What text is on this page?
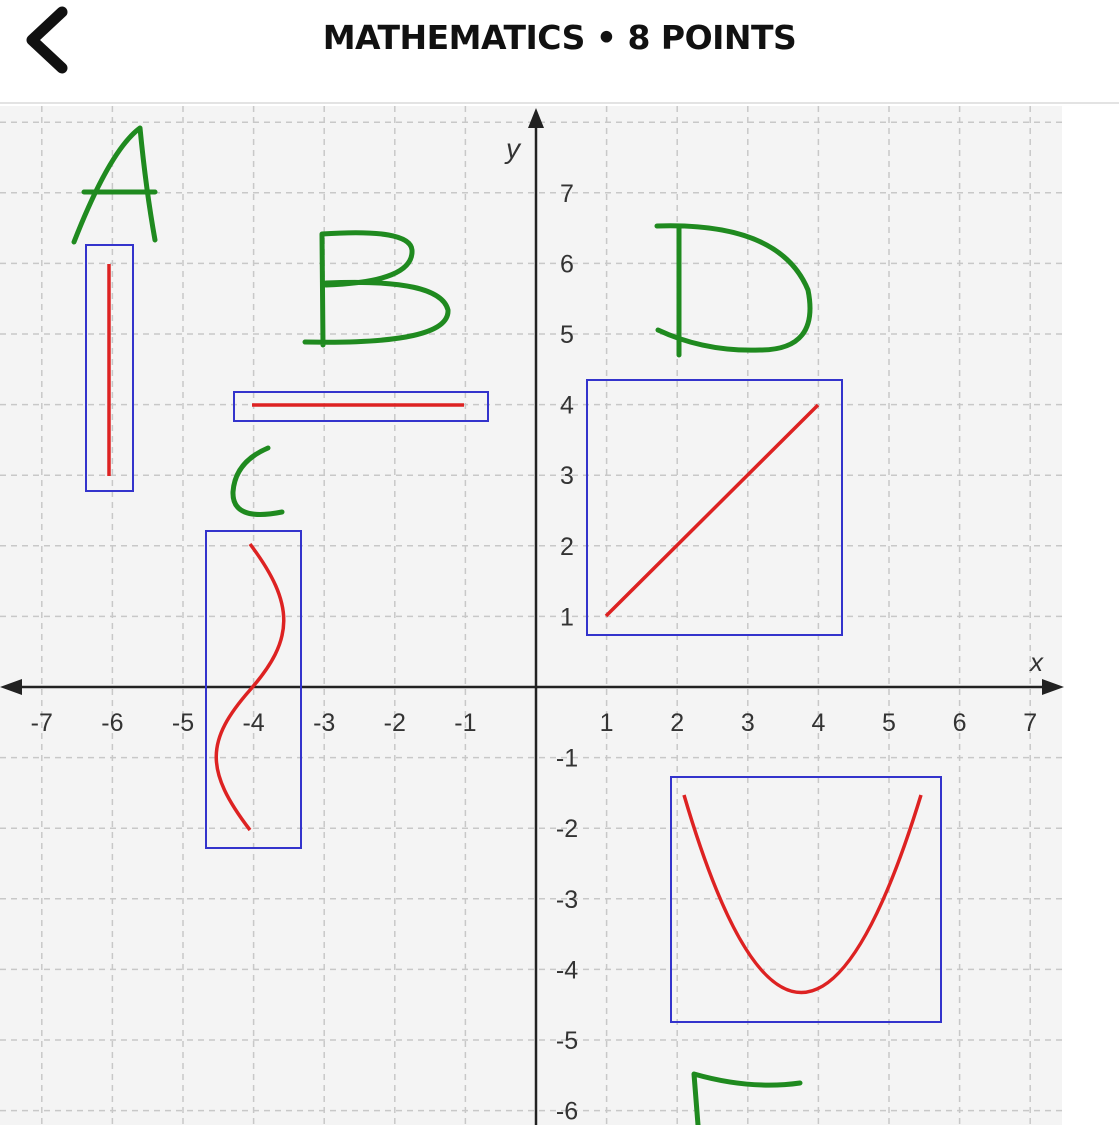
MATHEMATICS • 8 POINTS
x
y
-7 -6 -5 -4 -3 -2 -1	1 2 3 4 5 6 7
7
6
5
4
3
2
1
-1
-2
-3
-4
-5
-6
